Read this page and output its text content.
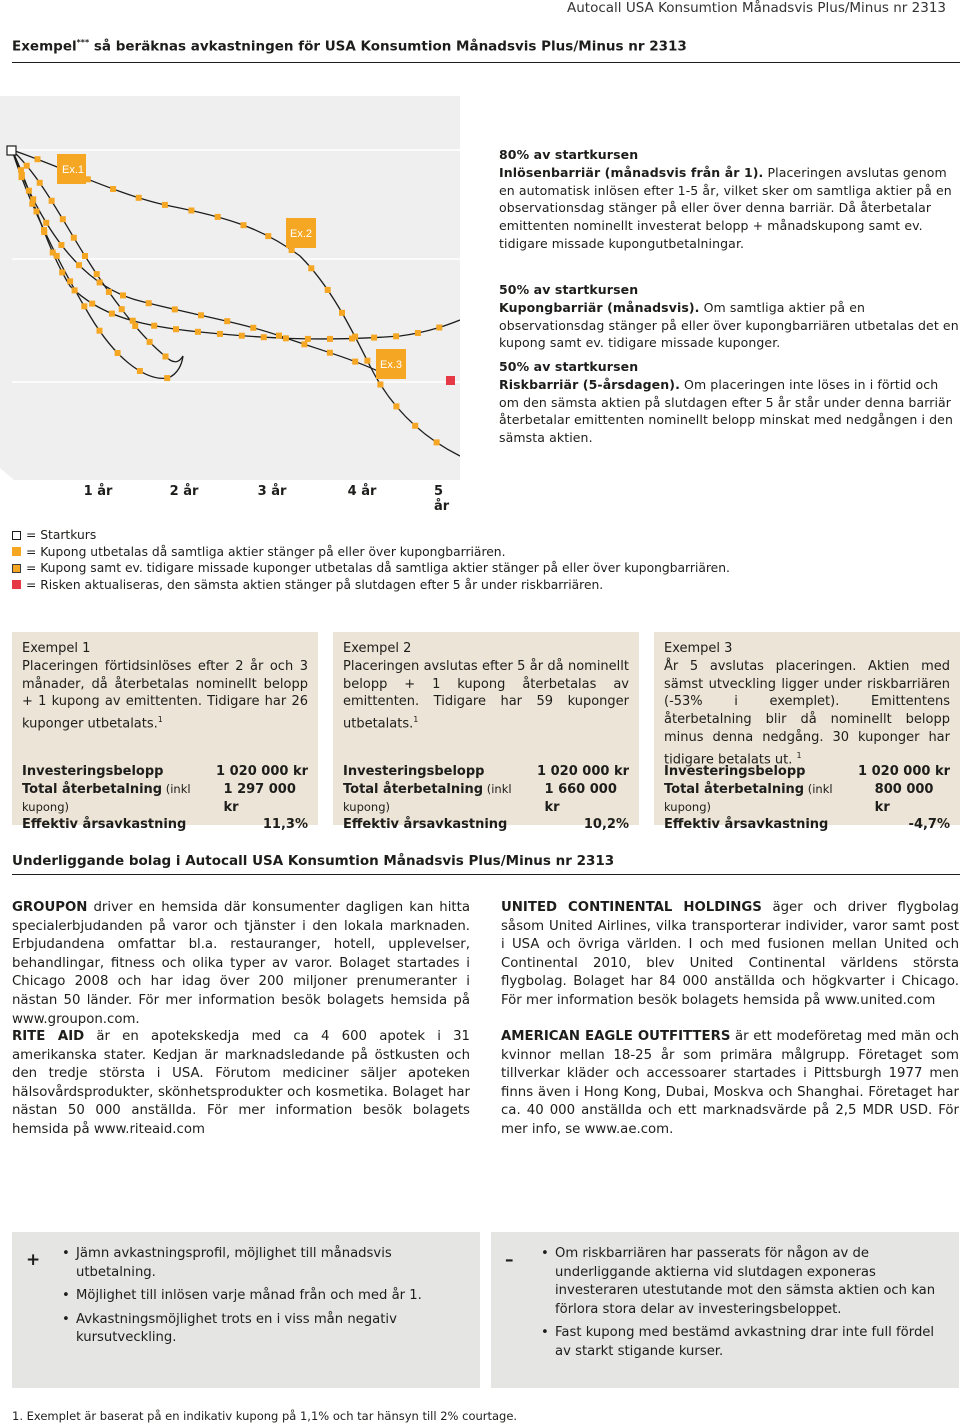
Autocall USA Konsumtion Månadsvis Plus/Minus nr 2313
Exempel*** så beräknas avkastningen för USA Konsumtion Månadsvis Plus/Minus nr 2313
Ex.1
Ex.2
Ex.3
1 år	2 år	3 år	4 år	5 år
80% av startkursen
Inlösenbarriär (månadsvis från år 1). Placeringen avslutas genom en automatisk inlösen efter 1-5 år, vilket sker om samtliga aktier på en observationsdag stänger på eller över denna barriär. Då återbetalar emittenten nominellt investerat belopp + månadskupong samt ev. tidigare missade kupongutbetalningar.
50% av startkursen
Kupongbarriär (månadsvis). Om samtliga aktier på en observationsdag stänger på eller över kupongbarriären utbetalas det en kupong samt ev. tidigare missade kuponger.
50% av startkursen
Riskbarriär (5-årsdagen). Om placeringen inte löses in i förtid och om den sämsta aktien på slutdagen efter 5 år står under denna barriär återbetalar emittenten nominellt belopp minskat med nedgången i den sämsta aktien.
= Startkurs
= Kupong utbetalas då samtliga aktier stänger på eller över kupongbarriären.
= Kupong samt ev. tidigare missade kuponger utbetalas då samtliga aktier stänger på eller över kupongbarriären.
= Risken aktualiseras, den sämsta aktien stänger på slutdagen efter 5 år under riskbarriären.
Exempel 1
Placeringen förtidsinlöses efter 2 år och 3 månader, då återbetalas nominellt belopp + 1 kupong av emittenten. Tidigare har 26 kuponger utbetalats.$^1$
Investeringsbelopp	1 020 000 kr
Total återbetalning (inkl kupong)
1 297 000 kr
Effektiv årsavkastning	11,3%
Exempel 2
Placeringen avslutas efter 5 år då nominellt belopp + 1 kupong återbetalas av emittenten. Tidigare har 59 kuponger utbetalats.$^1$
Investeringsbelopp	1 020 000 kr
Total återbetalning (inkl kupong)
1 660 000 kr
Effektiv årsavkastning	10,2%
Exempel 3
År 5 avslutas placeringen. Aktien med sämst utveckling ligger under riskbarriären (-53% i exemplet). Emittentens återbetalning blir då nominellt belopp minus denna nedgång. 30 kuponger har tidigare betalats ut. $^1$
Investeringsbelopp	1 020 000 kr
Total återbetalning (inkl kupong)
800 000 kr
Effektiv årsavkastning	-4,7%
Underliggande bolag i Autocall USA Konsumtion Månadsvis Plus/Minus nr 2313
GROUPON driver en hemsida där konsumenter dagligen kan hitta specialerbjudanden på varor och tjänster i den lokala marknaden. Erbjudandena omfattar bl.a. restauranger, hotell, upplevelser, behandlingar, fitness och olika typer av varor. Bolaget startades i Chicago 2008 och har idag över 200 miljoner prenumeranter i nästan 50 länder. För mer information besök bolagets hemsida på www.groupon.com.
UNITED CONTINENTAL HOLDINGS äger och driver flygbolag såsom United Airlines, vilka transporterar individer, varor samt post i USA och övriga världen. I och med fusionen mellan United och Continental 2010, blev United Continental världens största flygbolag. Bolaget har 84 000 anställda och högkvarter i Chicago. För mer information besök bolagets hemsida på www.united.com
RITE AID är en apotekskedja med ca 4 600 apotek i 31 amerikanska stater. Kedjan är marknadsledande på östkusten och den tredje största i USA. Förutom mediciner säljer apoteken hälsovårdsprodukter, skönhetsprodukter och kosmetika. Bolaget har nästan 50 000 anställda. För mer information besök bolagets hemsida på www.riteaid.com
AMERICAN EAGLE OUTFITTERS är ett modeföretag med män och kvinnor mellan 18-25 år som primära målgrupp. Företaget som tillverkar kläder och accessoarer startades i Pittsburgh 1977 men finns även i Hong Kong, Dubai, Moskva och Shanghai. Företaget har ca. 40 000 anställda och ett marknadsvärde på 2,5 MDR USD. För mer info, se www.ae.com.
+	• Jämn avkastningsprofil, möjlighet till månadsvis utbetalning.
• Möjlighet till inlösen varje månad från och med år 1.
• Avkastningsmöjlighet trots en i viss mån negativ kursutveckling.
–	• Om riskbarriären har passerats för någon av de underliggande aktierna vid slutdagen exponeras investeraren utestutande mot den sämsta aktien och kan förlora stora delar av investeringsbeloppet.
• Fast kupong med bestämd avkastning drar inte full fördel av starkt stigande kurser.
1. Exemplet är baserat på en indikativ kupong på 1,1% och tar hänsyn till 2% courtage.
